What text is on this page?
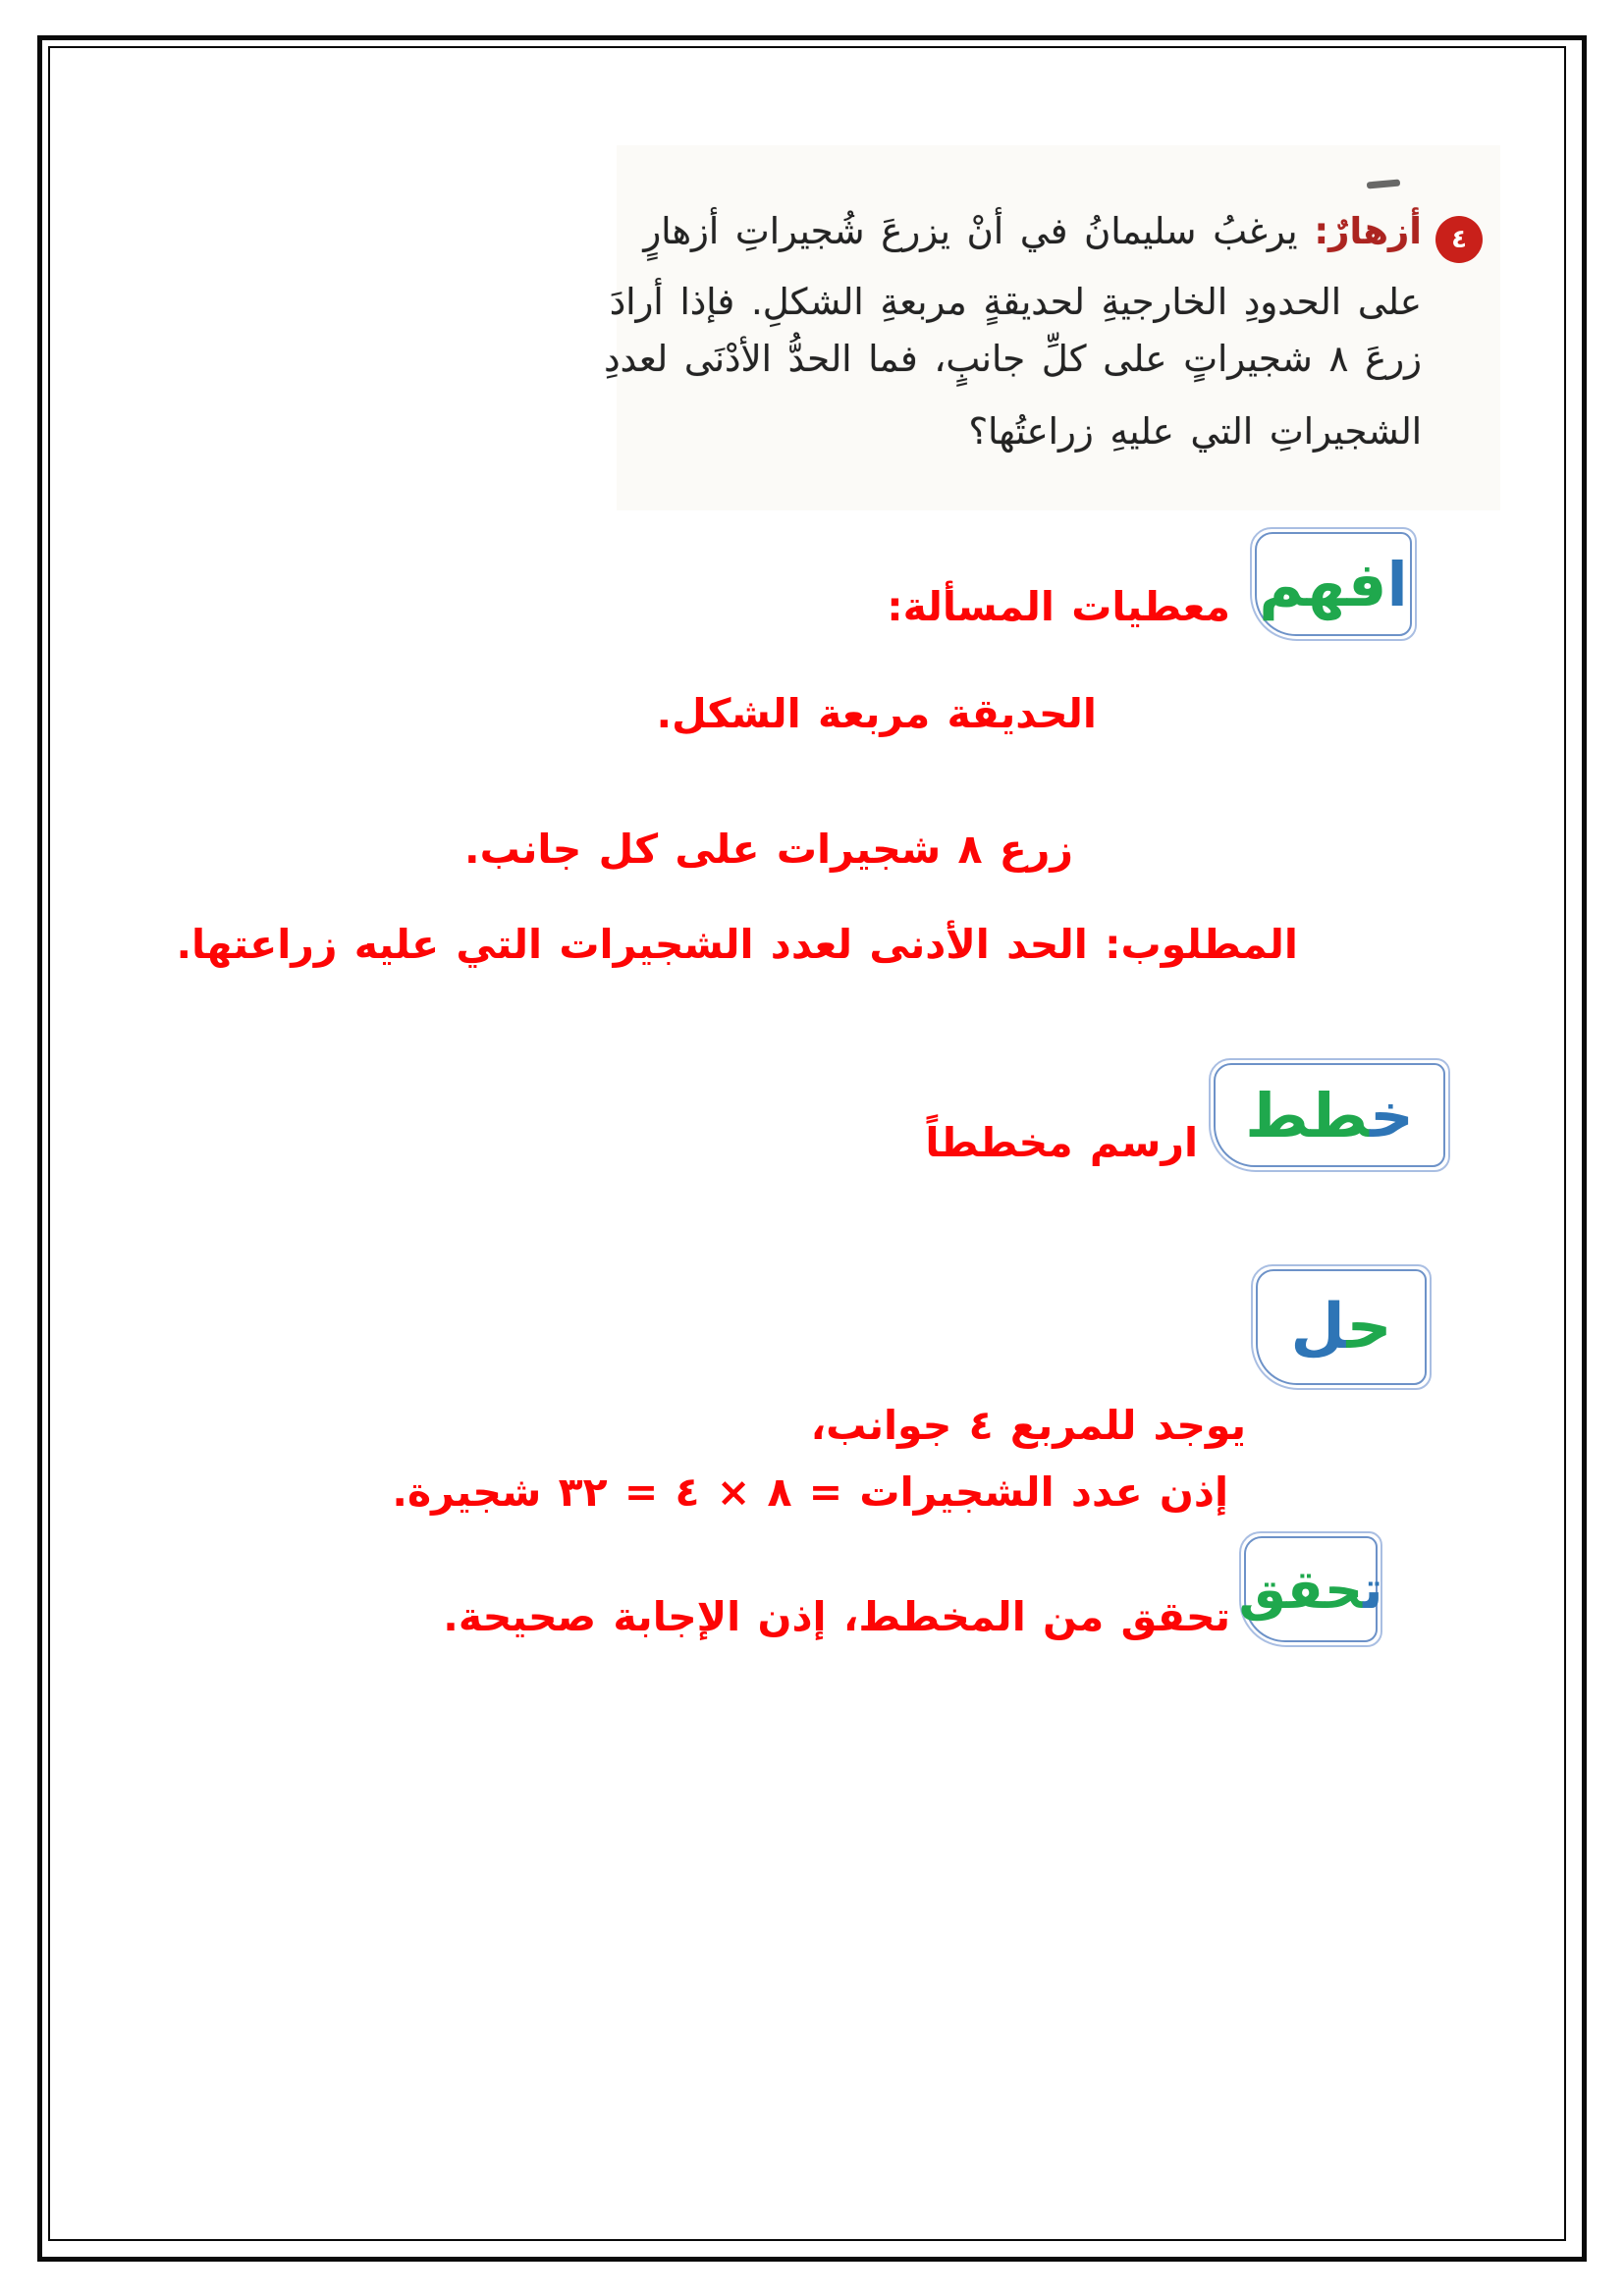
٤
أزهارٌ: يرغبُ سليمانُ في أنْ يزرعَ شُجيراتِ أزهارٍ
على الحدودِ الخارجيةِ لحديقةٍ مربعةِ الشكلِ. فإذا أرادَ
زرعَ ٨ شجيراتٍ على كلِّ جانبٍ، فما الحدُّ الأدْنَى لعددِ
الشجيراتِ التي عليهِ زراعتُها؟
افهم
معطيات المسألة:
الحديقة مربعة الشكل.
زرع ٨ شجيرات على كل جانب.
المطلوب: الحد الأدنى لعدد الشجيرات التي عليه زراعتها.
خ‍‍طط
ارسم مخططاً
ح‍‍ل
يوجد للمربع ٤ جوانب،
إذن عدد الشجيرات = ٨ × ٤ = ٣٢ شجيرة.
ت‍‍حقق
تحقق من المخطط، إذن الإجابة صحيحة.
